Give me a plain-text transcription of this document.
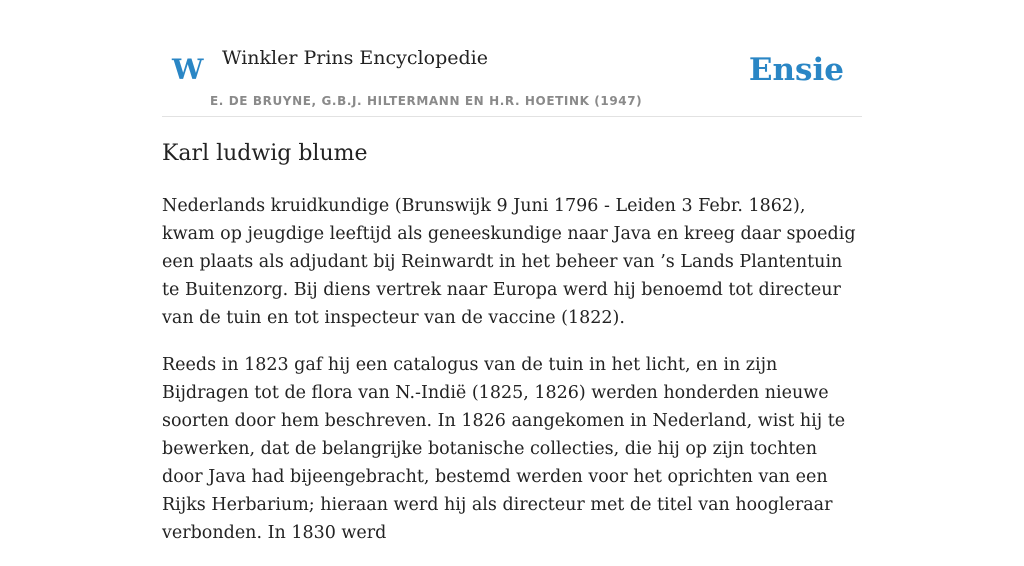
W Winkler Prins Encyclopedie
E. DE BRUYNE, G.B.J. HILTERMANN EN H.R. HOETINK (1947)
Ensie
Karl ludwig blume

Nederlands kruidkundige (Brunswijk 9 Juni 1796 - Leiden 3 Febr. 1862), kwam op jeugdige leeftijd als geneeskundige naar Java en kreeg daar spoedig een plaats als adjudant bij Reinwardt in het beheer van ’s Lands Plantentuin te Buitenzorg. Bij diens vertrek naar Europa werd hij benoemd tot directeur van de tuin en tot inspecteur van de vaccine (1822).

Reeds in 1823 gaf hij een catalogus van de tuin in het licht, en in zijn Bijdragen tot de flora van N.-Indië (1825, 1826) werden honderden nieuwe soorten door hem beschreven. In 1826 aangekomen in Nederland, wist hij te bewerken, dat de belangrijke botanische collecties, die hij op zijn tochten door Java had bijeengebracht, bestemd werden voor het oprichten van een Rijks Herbarium; hieraan werd hij als directeur met de titel van hoogleraar verbonden. In 1830 werd
